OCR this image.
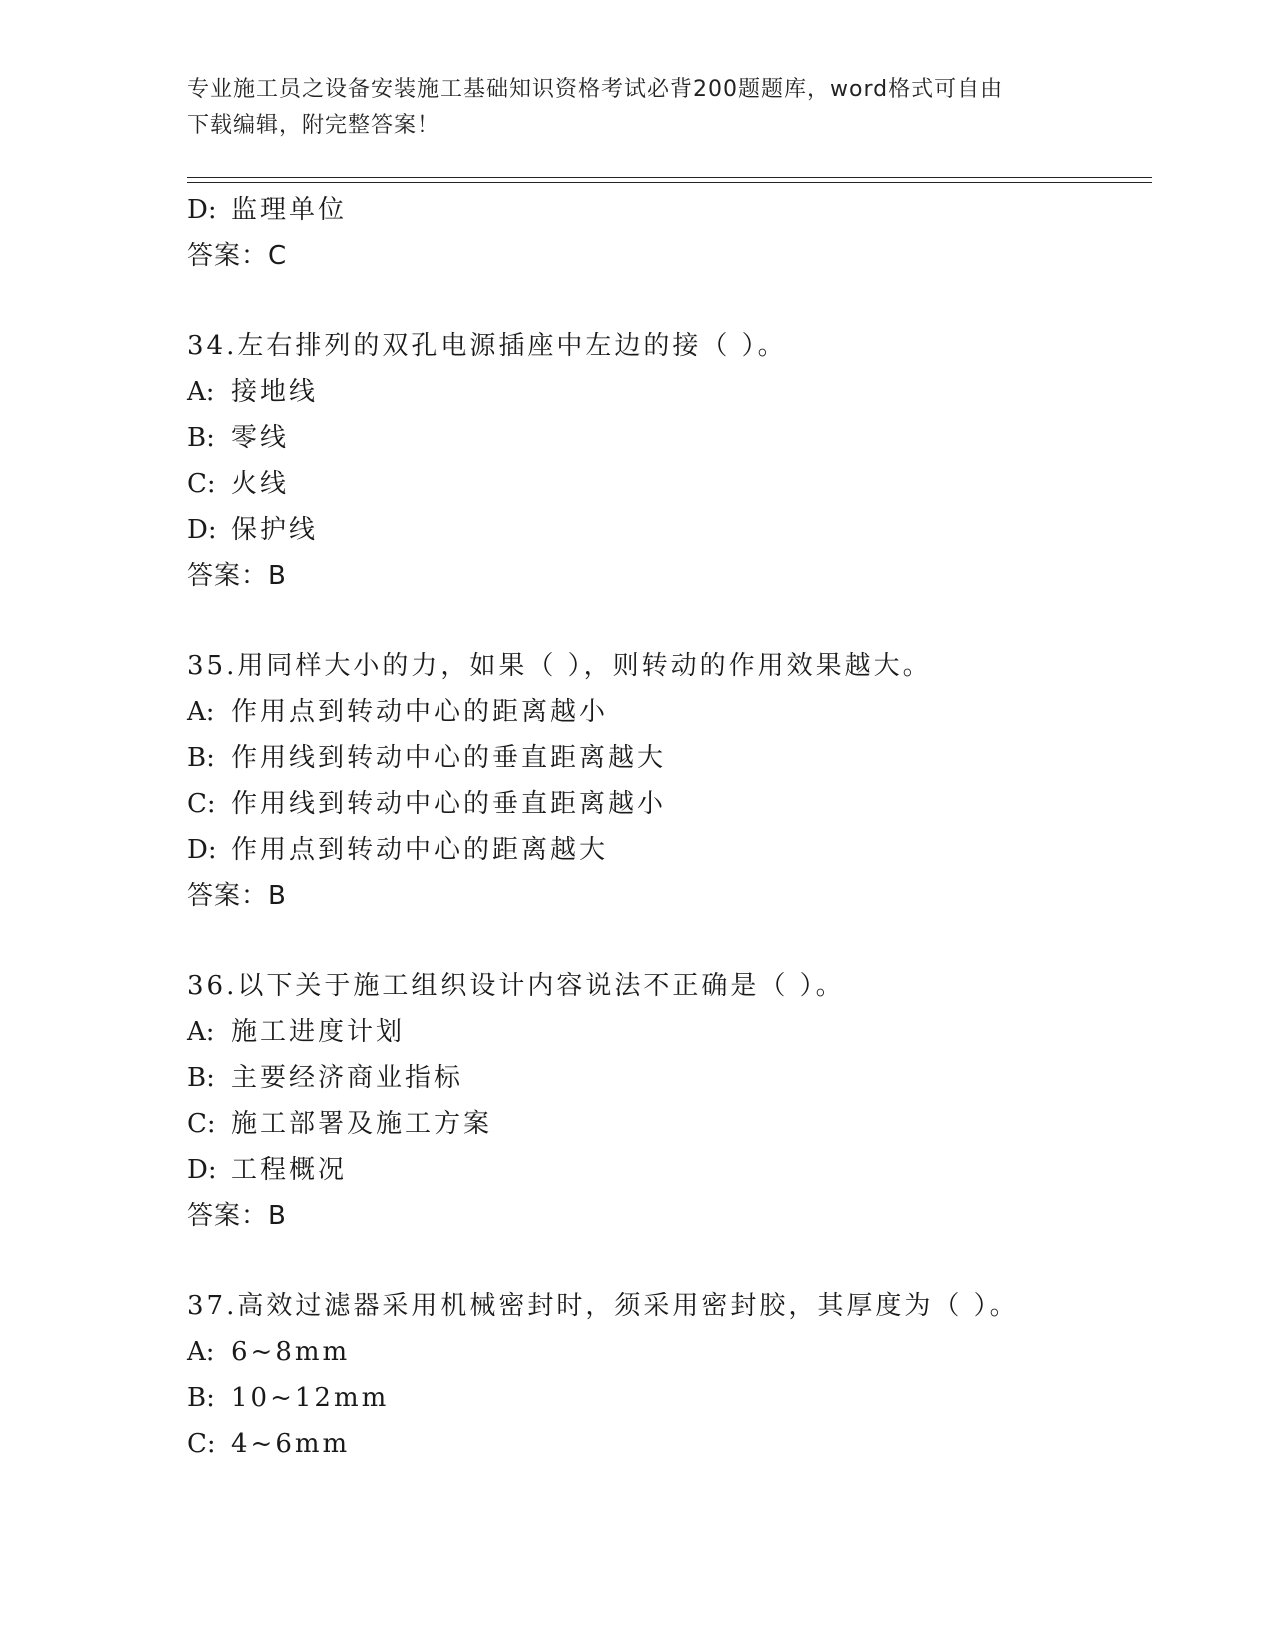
专业施工员之设备安装施工基础知识资格考试必背200题题库，word格式可自由
下载编辑，附完整答案！
D: 监理单位
答案：C
34.左右排列的双孔电源插座中左边的接（ ）。
A: 接地线
B: 零线
C: 火线
D: 保护线
答案：B
35.用同样大小的力，如果（ ），则转动的作用效果越大。
A: 作用点到转动中心的距离越小
B: 作用线到转动中心的垂直距离越大
C: 作用线到转动中心的垂直距离越小
D: 作用点到转动中心的距离越大
答案：B
36.以下关于施工组织设计内容说法不正确是（ ）。
A: 施工进度计划
B: 主要经济商业指标
C: 施工部署及施工方案
D: 工程概况
答案：B
37.高效过滤器采用机械密封时，须采用密封胶，其厚度为（ ）。
A: 6~8mm
B: 10~12mm
C: 4~6mm
